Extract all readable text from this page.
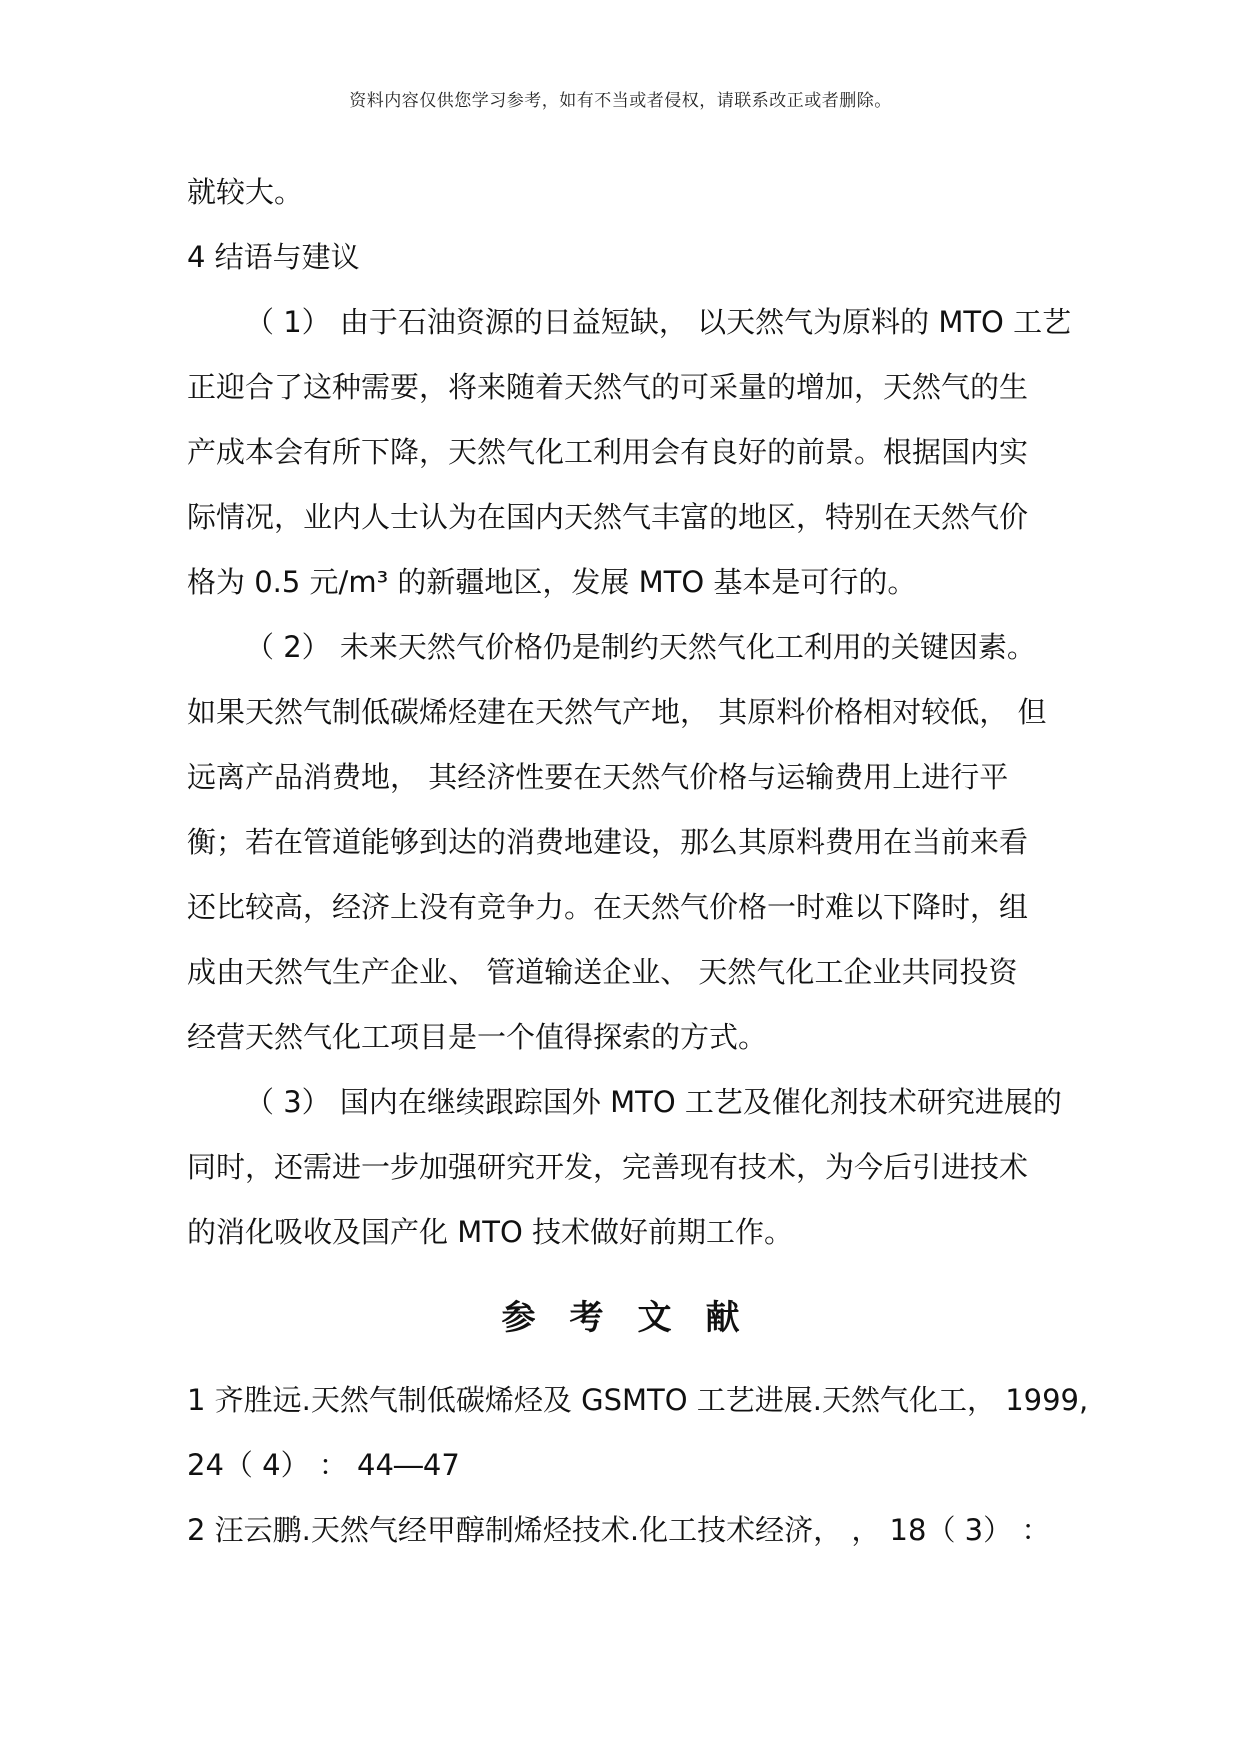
资料内容仅供您学习参考，如有不当或者侵权，请联系改正或者删除。
就较大。
4 结语与建议
（ 1） 由于石油资源的日益短缺， 以天然气为原料的 MTO 工艺
正迎合了这种需要，将来随着天然气的可采量的增加，天然气的生
产成本会有所下降，天然气化工利用会有良好的前景。根据国内实
际情况，业内人士认为在国内天然气丰富的地区，特别在天然气价
格为 0.5 元/m³ 的新疆地区，发展 MTO 基本是可行的。
（ 2） 未来天然气价格仍是制约天然气化工利用的关键因素。
如果天然气制低碳烯烃建在天然气产地， 其原料价格相对较低， 但
远离产品消费地， 其经济性要在天然气价格与运输费用上进行平
衡；若在管道能够到达的消费地建设，那么其原料费用在当前来看
还比较高，经济上没有竞争力。在天然气价格一时难以下降时，组
成由天然气生产企业、 管道输送企业、 天然气化工企业共同投资
经营天然气化工项目是一个值得探索的方式。
（ 3） 国内在继续跟踪国外 MTO 工艺及催化剂技术研究进展的
同时，还需进一步加强研究开发，完善现有技术，为今后引进技术
的消化吸收及国产化 MTO 技术做好前期工作。
参考文献
1 齐胜远.天然气制低碳烯烃及 GSMTO 工艺进展.天然气化工， 1999,
24（ 4） ： 44―47
2 汪云鹏.天然气经甲醇制烯烃技术.化工技术经济， ， 18（ 3） ：
